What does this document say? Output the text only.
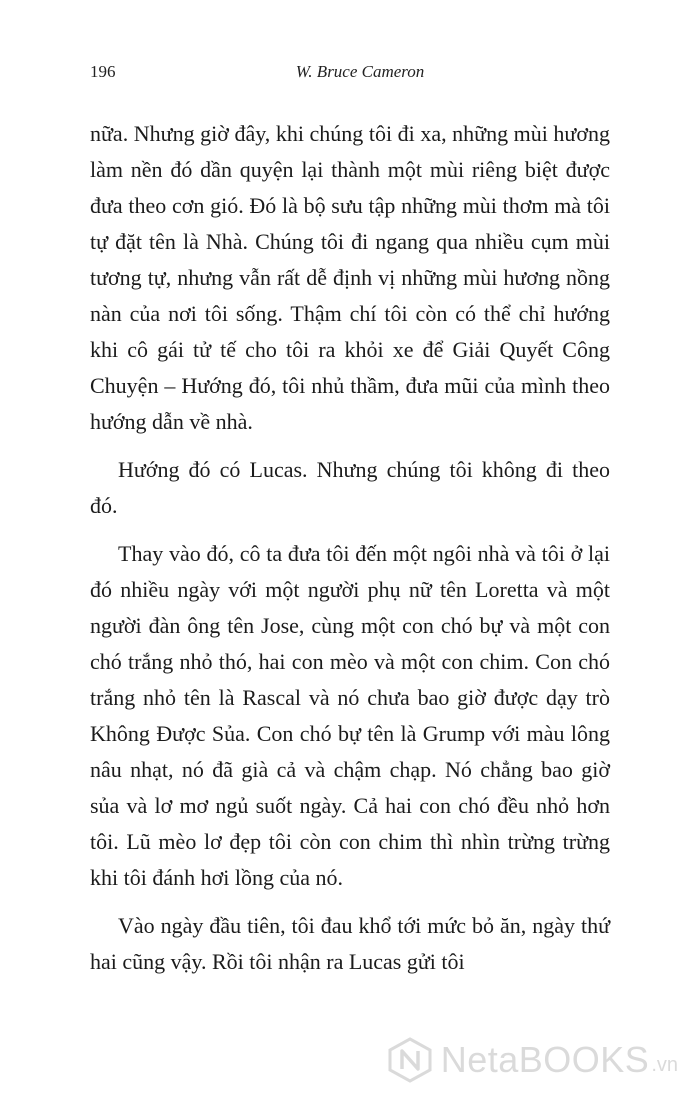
196	W. Bruce Cameron

nữa. Nhưng giờ đây, khi chúng tôi đi xa, những mùi hương làm nền đó dần quyện lại thành một mùi riêng biệt được đưa theo cơn gió. Đó là bộ sưu tập những mùi thơm mà tôi tự đặt tên là Nhà. Chúng tôi đi ngang qua nhiều cụm mùi tương tự, nhưng vẫn rất dễ định vị những mùi hương nồng nàn của nơi tôi sống. Thậm chí tôi còn có thể chỉ hướng khi cô gái tử tế cho tôi ra khỏi xe để Giải Quyết Công Chuyện – Hướng đó, tôi nhủ thầm, đưa mũi của mình theo hướng dẫn về nhà.

Hướng đó có Lucas. Nhưng chúng tôi không đi theo đó.

Thay vào đó, cô ta đưa tôi đến một ngôi nhà và tôi ở lại đó nhiều ngày với một người phụ nữ tên Loretta và một người đàn ông tên Jose, cùng một con chó bự và một con chó trắng nhỏ thó, hai con mèo và một con chim. Con chó trắng nhỏ tên là Rascal và nó chưa bao giờ được dạy trò Không Được Sủa. Con chó bự tên là Grump với màu lông nâu nhạt, nó đã già cả và chậm chạp. Nó chẳng bao giờ sủa và lơ mơ ngủ suốt ngày. Cả hai con chó đều nhỏ hơn tôi. Lũ mèo lơ đẹp tôi còn con chim thì nhìn trừng trừng khi tôi đánh hơi lồng của nó.

Vào ngày đầu tiên, tôi đau khổ tới mức bỏ ăn, ngày thứ hai cũng vậy. Rồi tôi nhận ra Lucas gửi tôi

NetaBOOKS .vn
